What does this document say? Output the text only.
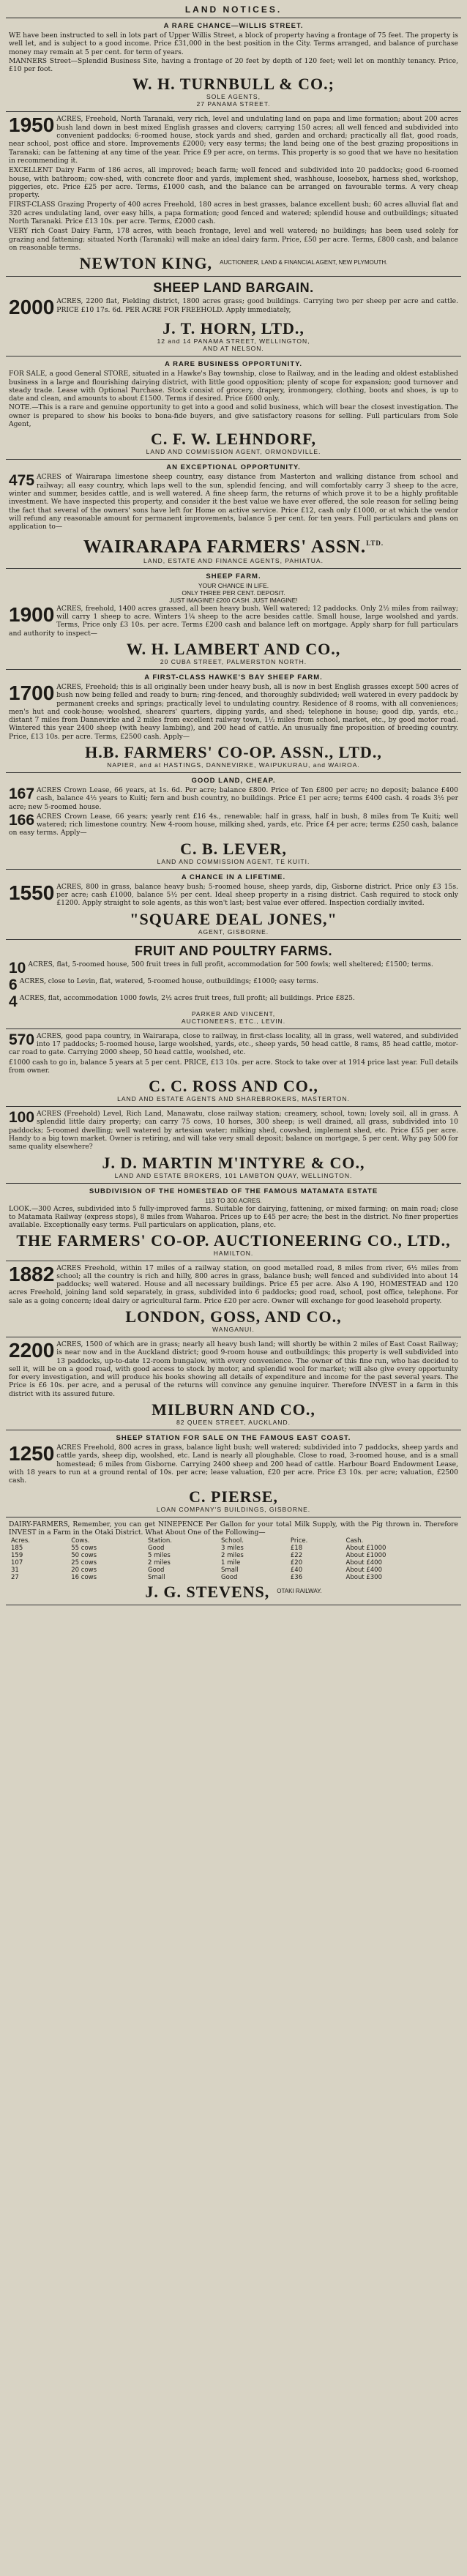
LAND NOTICES.
A RARE CHANCE—WILLIS STREET.
WE have been instructed to sell in lots part of Upper Willis Street, a block of property having a frontage of 75 feet. The property is well let, and is subject to a good income. Price £31,000 in the best position in the City. Terms arranged, and balance of purchase money may remain at 5 per cent. for term of years.
MANNERS Street—Splendid Business Site, having a frontage of 20 feet by depth of 120 feet; well let on monthly tenancy. Price, £10 per foot.
W. H. TURNBULL & CO.;
SOLE AGENTS,
27 PANAMA STREET.
1950 ACRES, Freehold, North Taranaki, very rich, level and undulating land on papa and lime formation; about 200 acres bush land down in best mixed English grasses and clovers; carrying 150 acres; all well fenced and subdivided into convenient paddocks; 6-roomed house, stock yards and shed, garden and orchard; practically all flat, good roads, near school, post office and store. Improvements £2000; very easy terms; the land being one of the best grazing propositions in Taranaki; can be fattening at any time of the year. Price £9 per acre, on terms. This property is so good that we have no hesitation in recommending it.
EXCELLENT Dairy Farm of 186 acres, all improved; beach farm; well fenced and subdivided into 20 paddocks; good 6-roomed house, with bathroom; cow-shed, with concrete floor and yards, implement shed, washhouse, loosebox, harness shed, workshop, piggeries, etc. Price £25 per acre. Terms, £1000 cash, and the balance can be arranged on favourable terms. A very cheap property.
FIRST-CLASS Grazing Property of 400 acres Freehold, 180 acres in best grasses, balance excellent bush; 60 acres alluvial flat and 320 acres undulating land, over easy hills, a papa formation; good fenced and watered; splendid house and outbuildings; situated North Taranaki. Price £13 10s. per acre. Terms, £2000 cash.
VERY rich Coast Dairy Farm, 178 acres, with beach frontage, level and well watered; no buildings; has been used solely for grazing and fattening; situated North (Taranaki) will make an ideal dairy farm. Price, £50 per acre. Terms, £800 cash, and balance on reasonable terms.
NEWTON KING, AUCTIONEER, LAND & FINANCIAL AGENT, NEW PLYMOUTH.
SHEEP LAND BARGAIN.
2000 ACRES, 2200 flat, Fielding district, 1800 acres grass; good buildings. Carrying two per sheep per acre and cattle. PRICE £10 17s. 6d. PER ACRE FOR FREEHOLD. Apply immediately,
J. T. HORN, LTD.,
12 and 14 PANAMA STREET, WELLINGTON,
AND AT NELSON.
A RARE BUSINESS OPPORTUNITY.
FOR SALE, a good General STORE, situated in a Hawke's Bay township, close to Railway, and in the leading and oldest established business in a large and flourishing dairying district, with little good opposition; plenty of scope for expansion; good turnover and steady trade. Lease with Optional Purchase. Stock consist of grocery, drapery, ironmongery, clothing, boots and shoes, is up to date and clean, and amounts to about £1500. Terms if desired. Price £600 only.
NOTE.—This is a rare and genuine opportunity to get into a good and solid business, which will bear the closest investigation. The owner is prepared to show his books to bona-fide buyers, and give satisfactory reasons for selling. Full particulars from Sole Agent,
C. F. W. LEHNDORF,
LAND AND COMMISSION AGENT, ORMONDVILLE.
AN EXCEPTIONAL OPPORTUNITY.
475 ACRES of Wairarapa limestone sheep country, easy distance from Masterton and walking distance from school and railway; all easy country, which laps well to the sun, splendid fencing, and will comfortably carry 3 sheep to the acre, winter and summer, besides cattle, and is well watered. A fine sheep farm, the returns of which prove it to be a highly profitable investment. We have inspected this property, and consider it the best value we have ever offered, the sole reason for selling being the fact that several of the owners' sons have left for Home on active service. Price £12, cash only £1000, or at which the vendor will refund any reasonable amount for permanent improvements, balance 5 per cent. for ten years. Full particulars and plans on application to—
WAIRARAPA FARMERS' ASSN.$^{LTD.}$
LAND, ESTATE AND FINANCE AGENTS, PAHIATUA.
SHEEP FARM.
YOUR CHANCE IN LIFE.
ONLY THREE PER CENT. DEPOSIT.
JUST IMAGINE! £200 CASH. JUST IMAGINE!
1900 ACRES, freehold, 1400 acres grassed, all been heavy bush. Well watered; 12 paddocks. Only 2½ miles from railway; will carry 1 sheep to acre. Winters 1¼ sheep to the acre besides cattle. Small house, large woolshed and yards. Terms, Price only £3 10s. per acre. Terms £200 cash and balance left on mortgage. Apply sharp for full particulars and authority to inspect—
W. H. LAMBERT AND CO.,
20 CUBA STREET, PALMERSTON NORTH.
A FIRST-CLASS HAWKE'S BAY SHEEP FARM.
1700 ACRES, Freehold; this is all originally been under heavy bush, all is now in best English grasses except 500 acres of bush now being felled and ready to burn; ring-fenced, and thoroughly subdivided; well watered in every paddock by permanent creeks and springs; practically level to undulating country. Residence of 8 rooms, with all conveniences; men's hut and cook-house; woolshed, shearers' quarters, dipping yards, and shed; telephone in house; good dip, yards, etc.; distant 7 miles from Dannevirke and 2 miles from excellent railway town, 1½ miles from school, market, etc., by good motor road. Wintered this year 2400 sheep (with heavy lambing), and 200 head of cattle. An unusually fine proposition of breeding country. Price, £13 10s. per acre. Terms, £2500 cash. Apply—
H.B. FARMERS' CO-OP. ASSN., LTD.,
NAPIER, and at HASTINGS, DANNEVIRKE, WAIPUKURAU, and WAIROA.
GOOD LAND, CHEAP.
167 ACRES Crown Lease, 66 years, at 1s. 6d. Per acre; balance £800. Price of Ten £800 per acre; no deposit; balance £400 cash, balance 4½ years to Kuiti; fern and bush country, no buildings. Price £1 per acre; terms £400 cash. 4 roads 3½ per acre; new 5-roomed house.
166 ACRES Crown Lease, 66 years; yearly rent £16 4s., renewable; half in grass, half in bush, 8 miles from Te Kuiti; well watered; rich limestone country. New 4-room house, milking shed, yards, etc. Price £4 per acre; terms £250 cash, balance on easy terms. Apply—
C. B. LEVER,
LAND AND COMMISSION AGENT, TE KUITI.
A CHANCE IN A LIFETIME.
1550 ACRES, 800 in grass, balance heavy bush; 5-roomed house, sheep yards, dip, Gisborne district. Price only £3 15s. per acre; cash £1000, balance 5½ per cent. Ideal sheep property in a rising district. Cash required to stock only £1200. Apply straight to sole agents, as this won't last; best value ever offered. Inspection cordially invited.
"SQUARE DEAL JONES,"
AGENT, GISBORNE.
FRUIT AND POULTRY FARMS.
10 ACRES, flat, 5-roomed house, 500 fruit trees in full profit, accommodation for 500 fowls; well sheltered; £1500; terms.
6 ACRES, close to Levin, flat, watered, 5-roomed house, outbuildings; £1000; easy terms.
4 ACRES, flat, accommodation 1000 fowls, 2½ acres fruit trees, full profit; all buildings. Price £825.
PARKER AND VINCENT,
AUCTIONEERS, ETC., LEVIN.
570 ACRES, good papa country, in Wairarapa, close to railway, in first-class locality, all in grass, well watered, and subdivided into 17 paddocks; 5-roomed house, large woolshed, yards, etc., sheep yards, 50 head cattle, 8 rams, 85 head cattle, motor-car road to gate. Carrying 2000 sheep, 50 head cattle, woolshed, etc.
£1000 cash to go in, balance 5 years at 5 per cent. PRICE, £13 10s. per acre. Stock to take over at 1914 price last year. Full details from owner.
C. C. ROSS AND CO.,
LAND AND ESTATE AGENTS AND SHAREBROKERS, MASTERTON.
100 ACRES (Freehold) Level, Rich Land, Manawatu, close railway station; creamery, school, town; lovely soil, all in grass. A splendid little dairy property; can carry 75 cows, 10 horses, 300 sheep; is well drained, all grass, subdivided into 10 paddocks; 5-roomed dwelling; well watered by artesian water; milking shed, cowshed, implement shed, etc. Price £55 per acre. Handy to a big town market. Owner is retiring, and will take very small deposit; balance on mortgage, 5 per cent. Why pay 500 for same quality elsewhere?
J. D. MARTIN M'INTYRE & CO.,
LAND AND ESTATE BROKERS, 101 LAMBTON QUAY, WELLINGTON.
SUBDIVISION OF THE HOMESTEAD OF THE FAMOUS MATAMATA ESTATE
113 TO 300 ACRES.
LOOK.—300 Acres, subdivided into 5 fully-improved farms. Suitable for dairying, fattening, or mixed farming; on main road; close to Matamata Railway (express stops), 8 miles from Waharoa. Prices up to £45 per acre; the best in the district. No finer properties available. Exceptionally easy terms. Full particulars on application, plans, etc.
THE FARMERS' CO-OP. AUCTIONEERING CO., LTD.,
HAMILTON.
1882 ACRES Freehold, within 17 miles of a railway station, on good metalled road, 8 miles from river, 6½ miles from school; all the country is rich and hilly, 800 acres in grass, balance bush; well fenced and subdivided into about 14 paddocks; well watered. House and all necessary buildings. Price £5 per acre. Also A 190, HOMESTEAD and 120 acres Freehold, joining land sold separately, in grass, subdivided into 6 paddocks; good road, school, post office, telephone. For sale as a going concern; ideal dairy or agricultural farm. Price £20 per acre. Owner will exchange for good leasehold property.
LONDON, GOSS, AND CO.,
WANGANUI.
2200 ACRES, 1500 of which are in grass; nearly all heavy bush land; will shortly be within 2 miles of East Coast Railway; is near now and in the Auckland district; good 9-room house and outbuildings; this property is well subdivided into 13 paddocks, up-to-date 12-room bungalow, with every convenience. The owner of this fine run, who has decided to sell it, will be on a good road, with good access to stock by motor, and splendid wool for market; will also give every opportunity for every investigation, and will produce his books showing all details of expenditure and income for the past several years. The Price is £6 10s. per acre, and a perusal of the returns will convince any genuine inquirer. Therefore INVEST in a farm in this district with its assured future.
MILBURN AND CO.,
82 QUEEN STREET, AUCKLAND.
SHEEP STATION FOR SALE ON THE FAMOUS EAST COAST.
1250 ACRES Freehold, 800 acres in grass, balance light bush; well watered; subdivided into 7 paddocks, sheep yards and cattle yards, sheep dip, woolshed, etc. Land is nearly all ploughable. Close to road, 3-roomed house, and is a small homestead; 6 miles from Gisborne. Carrying 2400 sheep and 200 head of cattle. Harbour Board Endowment Lease, with 18 years to run at a ground rental of 10s. per acre; lease valuation, £20 per acre. Price £3 10s. per acre; valuation, £2500 cash.
C. PIERSE,
LOAN COMPANY'S BUILDINGS, GISBORNE.
DAIRY-FARMERS, Remember, you can get NINEPENCE Per Gallon for your total Milk Supply, with the Pig thrown in. Therefore INVEST in a Farm in the Otaki District. What About One of the Following—
Acres.	Cows.	Station.	School.	Price.	Cash.
185	55 cows	Good	3 miles	£18	About £1000
159	50 cows	5 miles	2 miles	£22	About £1000
107	25 cows	2 miles	1 mile	£20	About £400
31	20 cows	Good	Small	£40	About £400
27	16 cows	Small	Good	£36	About £300
J. G. STEVENS, OTAKI RAILWAY.
